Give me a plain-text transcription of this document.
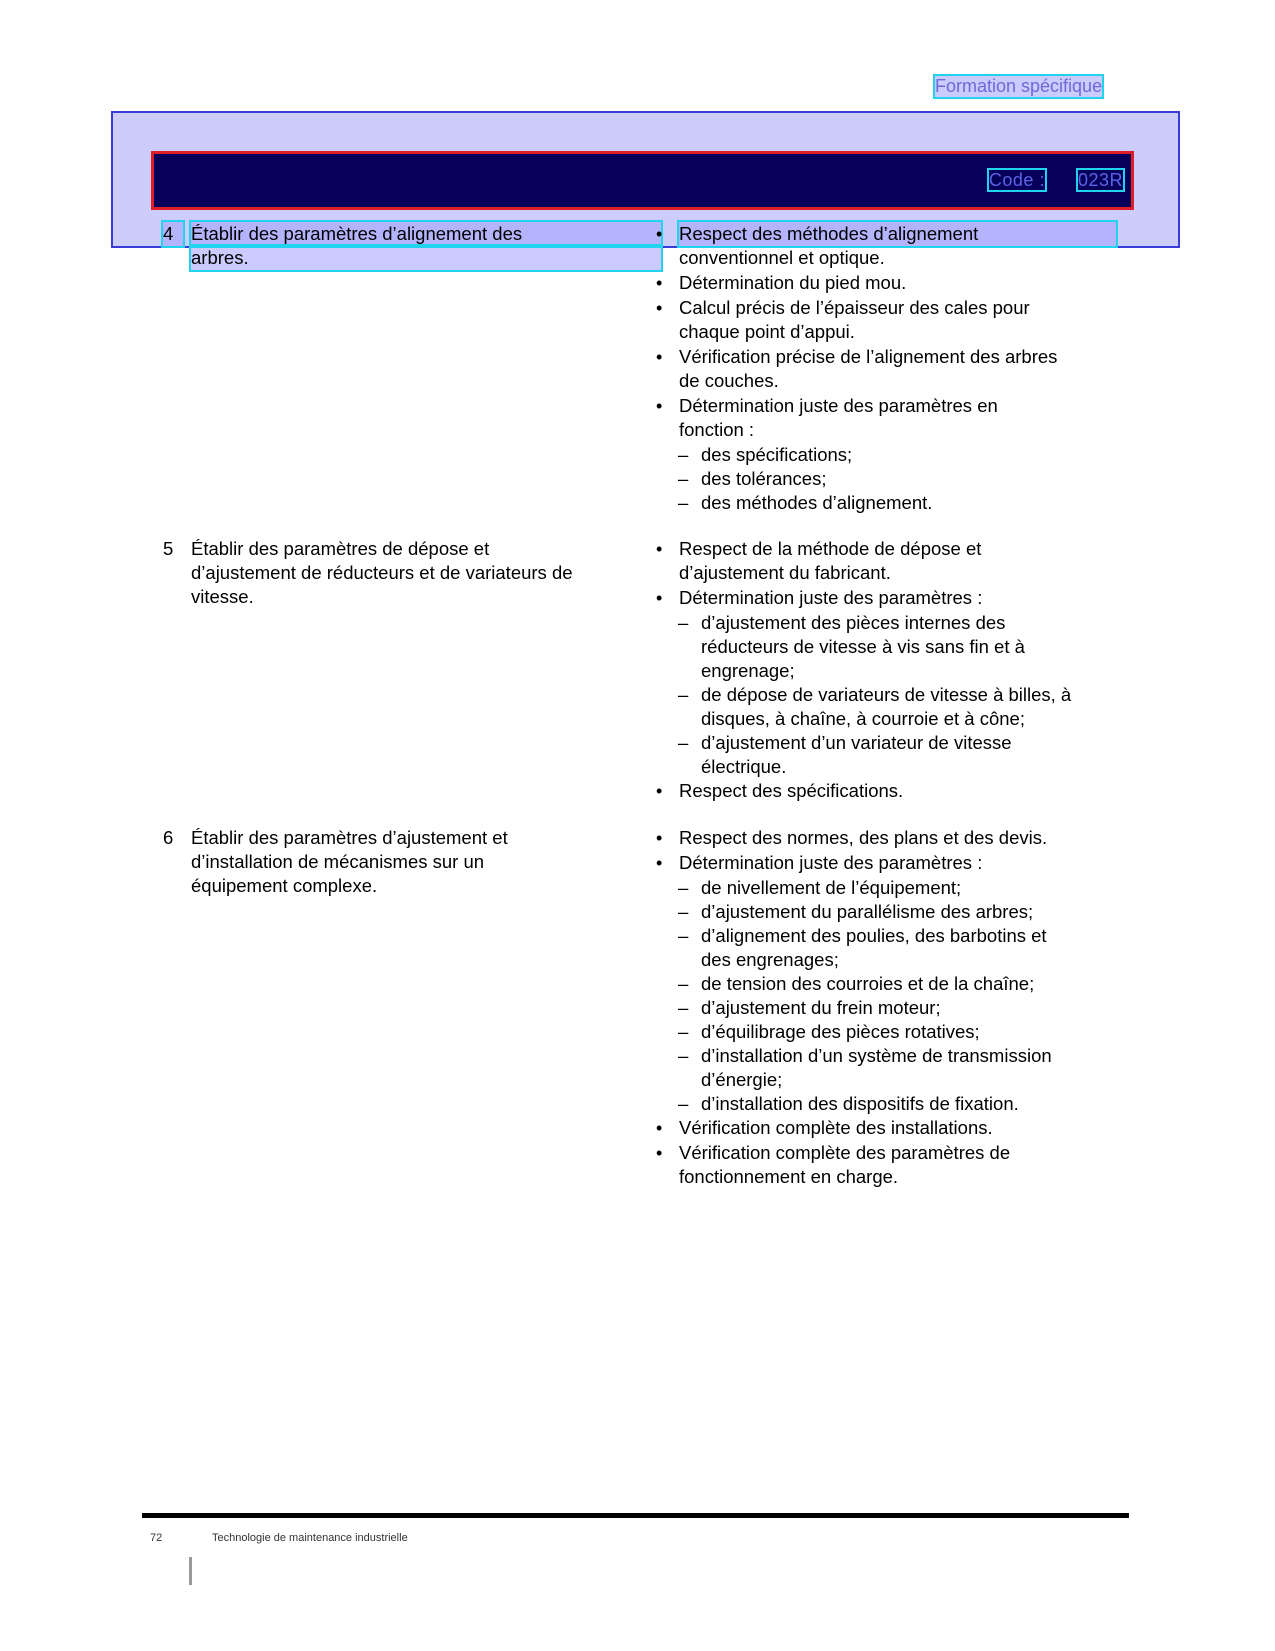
Formation spécifique
Code : 023R
4 Établir des paramètres d’alignement des
arbres.
• Respect des méthodes d’alignement
conventionnel et optique.
• Détermination du pied mou.
• Calcul précis de l’épaisseur des cales pour
chaque point d’appui.
• Vérification précise de l’alignement des arbres
de couches.
• Détermination juste des paramètres en
fonction :
– des spécifications;
– des tolérances;
– des méthodes d’alignement.
5 Établir des paramètres de dépose et
d’ajustement de réducteurs et de variateurs de
vitesse.
• Respect de la méthode de dépose et
d’ajustement du fabricant.
• Détermination juste des paramètres :
– d’ajustement des pièces internes des
réducteurs de vitesse à vis sans fin et à
engrenage;
– de dépose de variateurs de vitesse à billes, à
disques, à chaîne, à courroie et à cône;
– d’ajustement d’un variateur de vitesse
électrique.
• Respect des spécifications.
6 Établir des paramètres d’ajustement et
d’installation de mécanismes sur un
équipement complexe.
• Respect des normes, des plans et des devis.
• Détermination juste des paramètres :
– de nivellement de l’équipement;
– d’ajustement du parallélisme des arbres;
– d’alignement des poulies, des barbotins et
des engrenages;
– de tension des courroies et de la chaîne;
– d’ajustement du frein moteur;
– d’équilibrage des pièces rotatives;
– d’installation d’un système de transmission
d’énergie;
– d’installation des dispositifs de fixation.
• Vérification complète des installations.
• Vérification complète des paramètres de
fonctionnement en charge.
72	Technologie de maintenance industrielle
